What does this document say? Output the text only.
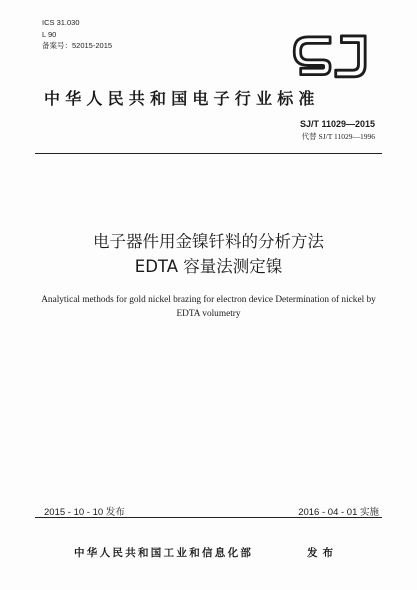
ICS 31.030
L 90
备案号：52015-2015
中华人民共和国电子行业标准
SJ/T 11029—2015
代替 SJ/T 11029—1996
电子器件用金镍钎料的分析方法
EDTA 容量法测定镍
Analytical methods for gold nickel brazing for electron device Determination of nickel by EDTA volumetry
2015 - 10 - 10 发布	2016 - 04 - 01 实施
中华人民共和国工业和信息化部	发布
